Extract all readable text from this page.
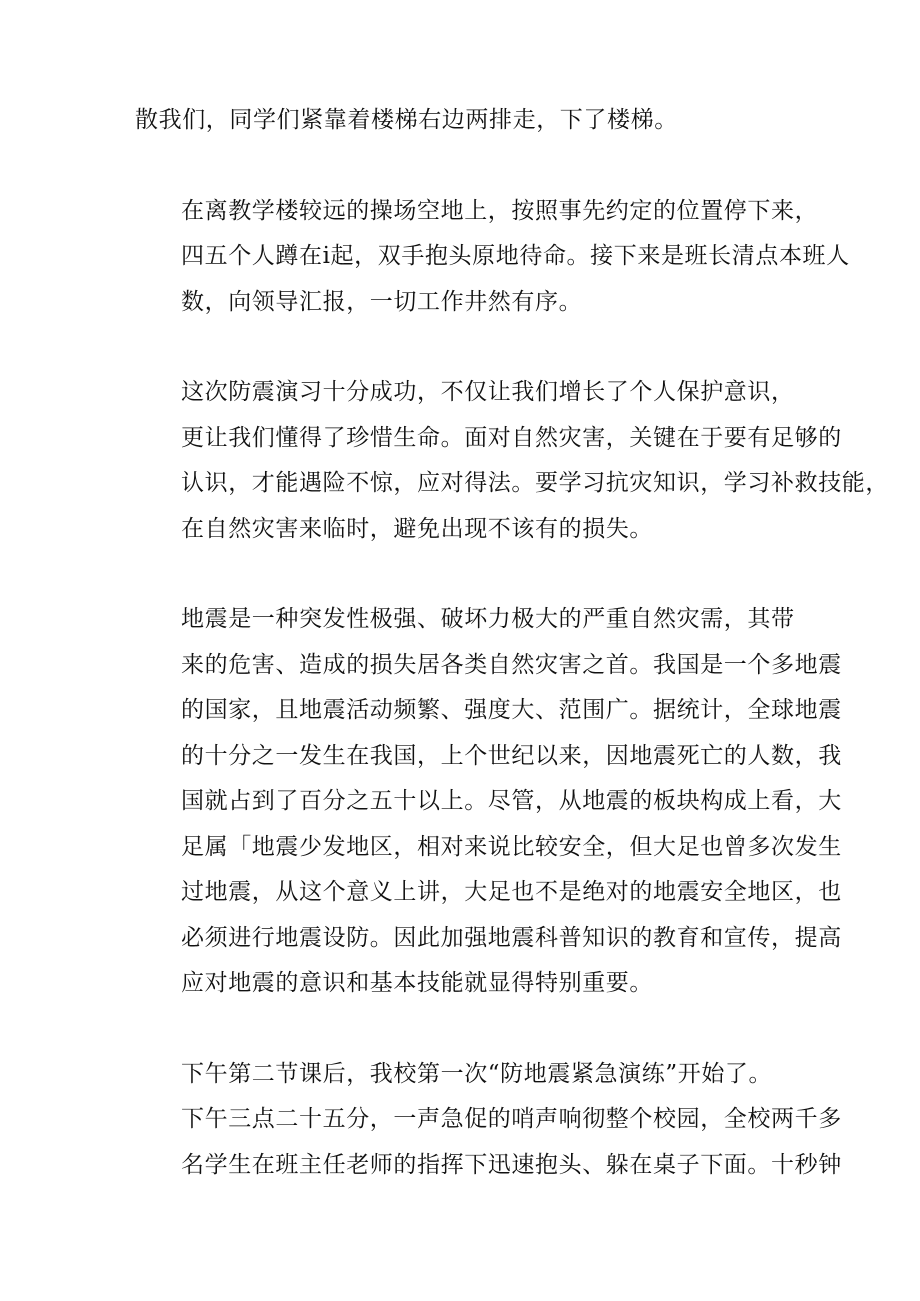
散我们，同学们紧靠着楼梯右边两排走，下了楼梯。

在离教学楼较远的操场空地上，按照事先约定的位置停下来，
四五个人蹲在i起，双手抱头原地待命。接下来是班长清点本班人
数，向领导汇报，一切工作井然有序。

这次防震演习十分成功，不仅让我们增长了个人保护意识，
更让我们懂得了珍惜生命。面对自然灾害，关键在于要有足够的
认识，才能遇险不惊，应对得法。要学习抗灾知识，学习补救技能，
在自然灾害来临时，避免出现不该有的损失。

地震是一种突发性极强、破坏力极大的严重自然灾需，其带
来的危害、造成的损失居各类自然灾害之首。我国是一个多地震
的国家，且地震活动频繁、强度大、范围广。据统计，全球地震
的十分之一发生在我国，上个世纪以来，因地震死亡的人数，我
国就占到了百分之五十以上。尽管，从地震的板块构成上看，大
足属「地震少发地区，相对来说比较安全，但大足也曾多次发生
过地震，从这个意义上讲，大足也不是绝对的地震安全地区，也
必须进行地震设防。因此加强地震科普知识的教育和宣传，提高
应对地震的意识和基本技能就显得特别重要。

下午第二节课后，我校第一次“防地震紧急演练”开始了。
下午三点二十五分，一声急促的哨声响彻整个校园，全校两千多
名学生在班主任老师的指挥下迅速抱头、躲在桌子下面。十秒钟
